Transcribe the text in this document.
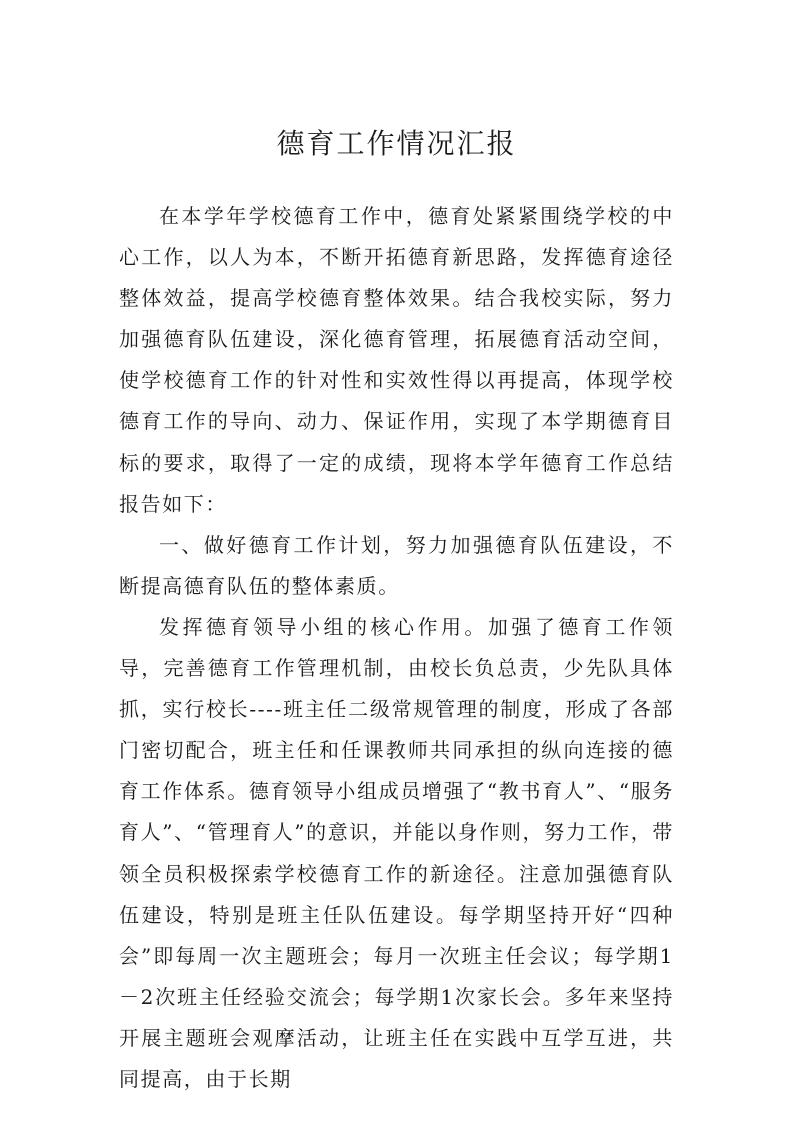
德育工作情况汇报

在本学年学校德育工作中，德育处紧紧围绕学校的中心工作，以人为本，不断开拓德育新思路，发挥德育途径整体效益，提高学校德育整体效果。结合我校实际，努力加强德育队伍建设，深化德育管理，拓展德育活动空间，使学校德育工作的针对性和实效性得以再提高，体现学校德育工作的导向、动力、保证作用，实现了本学期德育目标的要求，取得了一定的成绩，现将本学年德育工作总结报告如下：

一、做好德育工作计划，努力加强德育队伍建设，不断提高德育队伍的整体素质。

发挥德育领导小组的核心作用。加强了德育工作领导，完善德育工作管理机制，由校长负总责，少先队具体抓，实行校长----班主任二级常规管理的制度，形成了各部门密切配合，班主任和任课教师共同承担的纵向连接的德育工作体系。德育领导小组成员增强了“教书育人”、“服务育人”、“管理育人”的意识，并能以身作则，努力工作，带领全员积极探索学校德育工作的新途径。注意加强德育队伍建设，特别是班主任队伍建设。每学期坚持开好“四种会”即每周一次主题班会；每月一次班主任会议；每学期1－2次班主任经验交流会；每学期1次家长会。多年来坚持开展主题班会观摩活动，让班主任在实践中互学互进，共同提高，由于长期
